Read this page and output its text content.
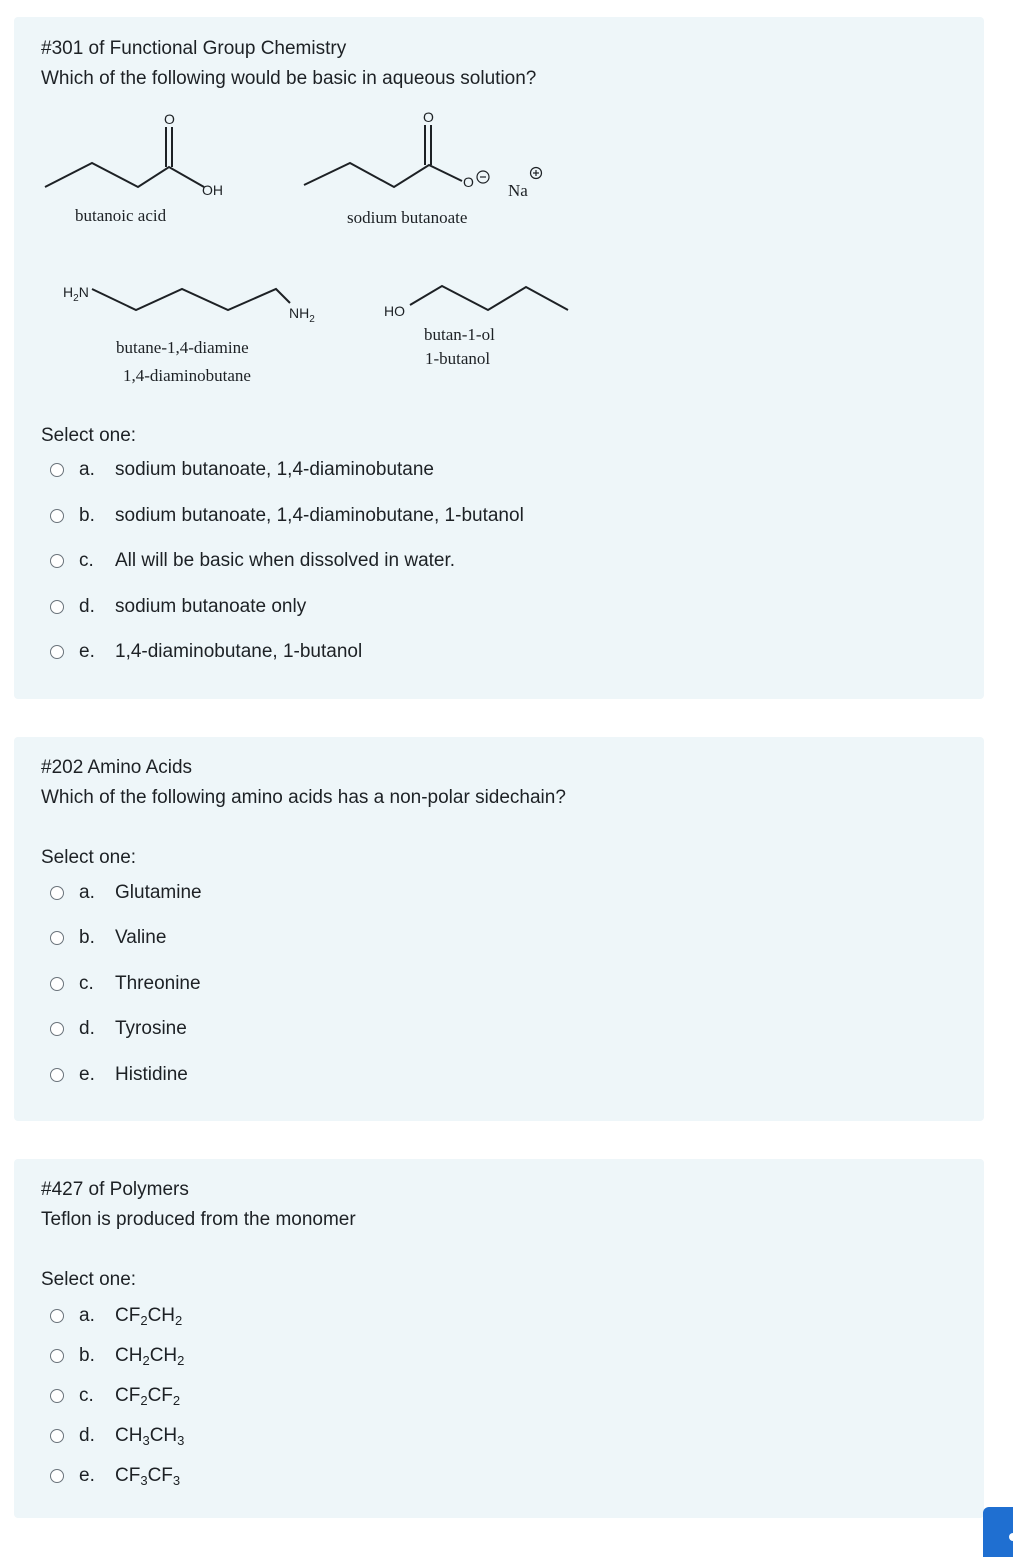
#301 of Functional Group Chemistry
Which of the following would be basic in aqueous solution?
O
OH
O
O
$H_2N$
$NH_2$
HO
Na
butanoic acid	sodium butanoate
butane-1,4-diamine
1,4-diaminobutane
butan-1-ol
1-butanol
Select one:
a.	sodium butanoate, 1,4-diaminobutane
b.	sodium butanoate, 1,4-diaminobutane, 1-butanol
c.	All will be basic when dissolved in water.
d.	sodium butanoate only
e.	1,4-diaminobutane, 1-butanol
#202 Amino Acids
Which of the following amino acids has a non-polar sidechain?
Select one:
a.	Glutamine
b.	Valine
c.	Threonine
d.	Tyrosine
e.	Histidine
#427 of Polymers
Teflon is produced from the monomer
Select one:
a.	$CF_2CH_2$
b.	$CH_2CH_2$
c.	$CF_2CF_2$
d.	$CH_3CH_3$
e.	$CF_3CF_3$
